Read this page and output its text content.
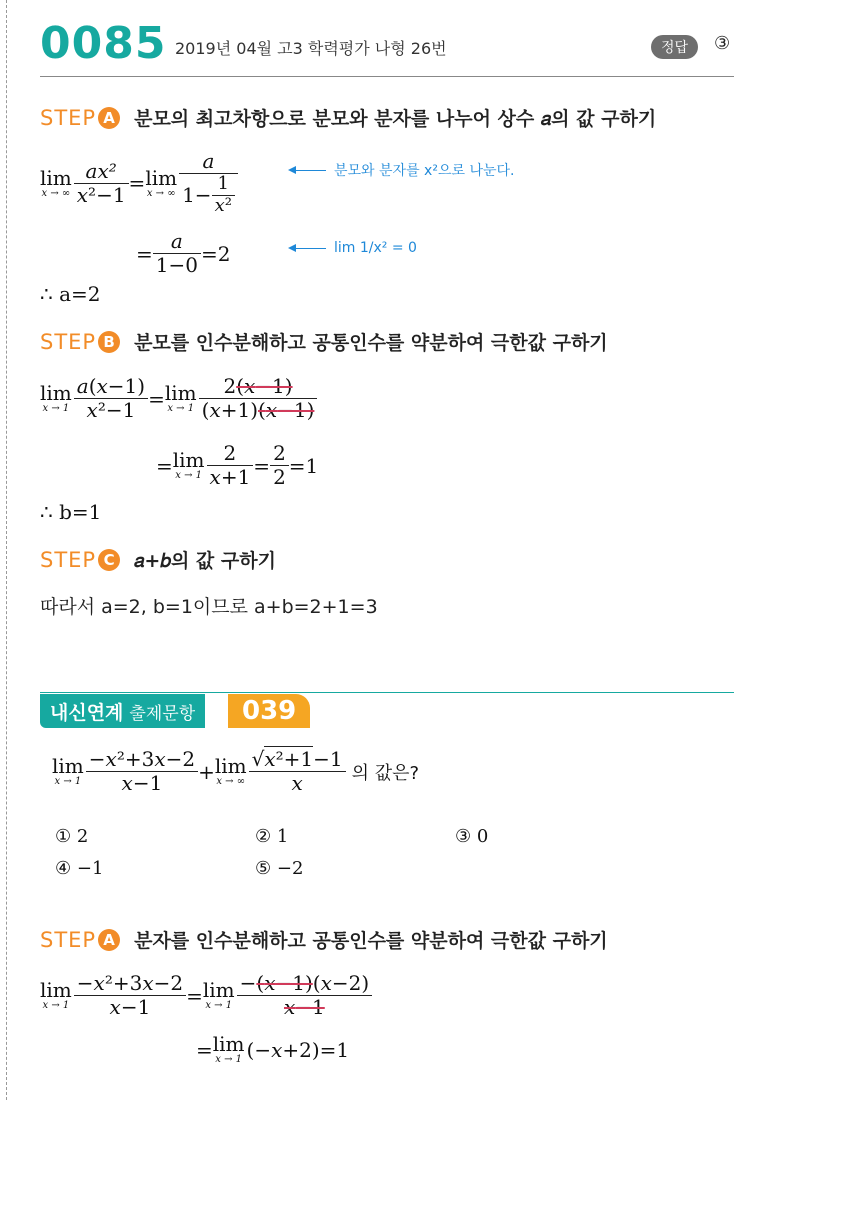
0085 2019년 04월 고3 학력평가 나형 26번	정답	③
STEP A 분모의 최고차항으로 분모와 분자를 나누어 상수 𝑎의 값 구하기
lim
x → ∞ $\frac{\text{ax²}}{\text{x²−1}} = \lim$
x → ∞ $\frac{a}{1- \frac{1}{\text{x²}}}$	분모와 분자를 x²으로 나눈다.
= $\frac{a}{1-0} =2$	lim 1/x² = 0
∴ a=2
STEP B 분모를 인수분해하고 공통인수를 약분하여 극한값 구하기
lim
$x \to 1 \frac{a(x-1)}{\text{x²−1}} = \lim$
$x \to 1 \frac{2(x-1)}{(x+1)(x-1)}$
= lim
$x \to 1 \frac{2}{x+1} = \frac{2}{2} =1$
∴ b=1
STEP C 𝑎+𝑏의 값 구하기
따라서 a=2, b=1이므로 a+b=2+1=3
내신연계 출제문항	039
lim
$x \to 1 \frac{\text{−x²+3x−2}}{x-1} + \lim$
x → ∞ $\frac{\text{√x²+1−1}}{x}$ 의 값은?
① 2	② 1	③ 0
④ −1	⑤ −2
STEP A 분자를 인수분해하고 공통인수를 약분하여 극한값 구하기
lim
$x \to 1 \frac{\text{−x²+3x−2}}{x-1} = \lim$
$x \to 1 \frac{-(x-1)(x-2)}{x-1}$
= lim
x → 1 (−x+2)=1
